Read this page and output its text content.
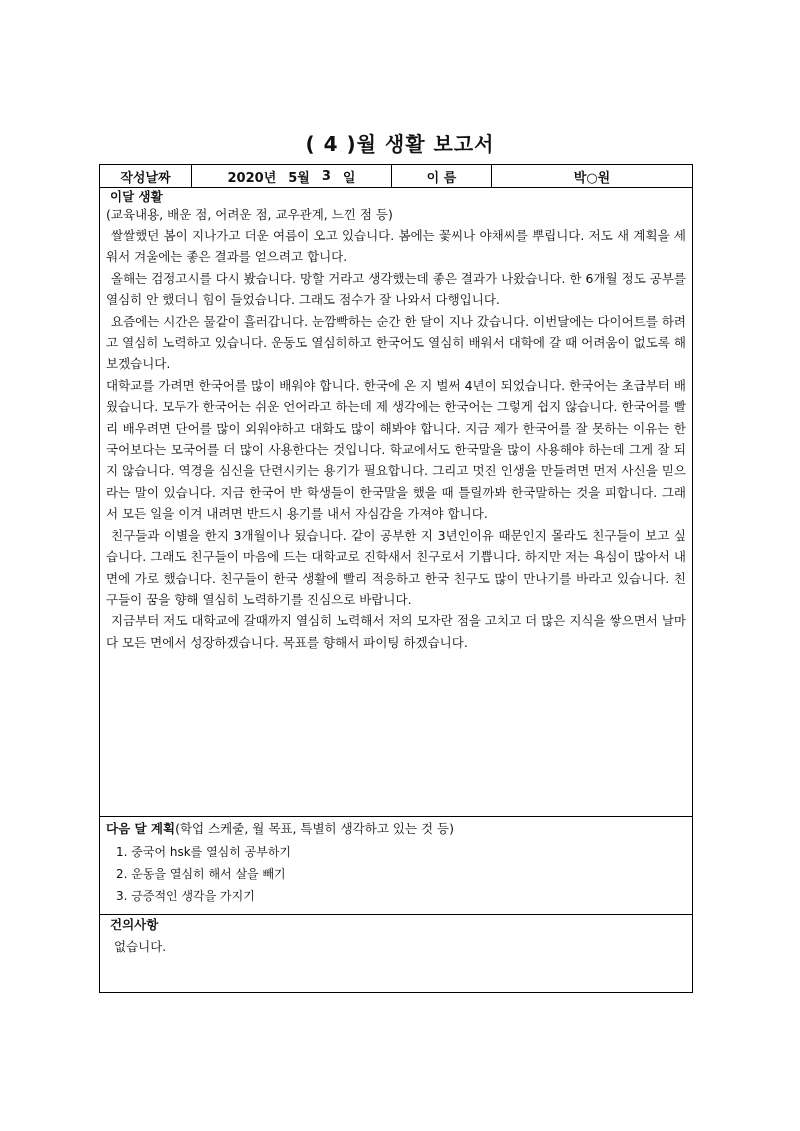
( 4 )월 생활 보고서
작성날짜	2020년 5월 3 일	이 름	박○원
이달 생활
(교육내용, 배운 점, 어려운 점, 교우관계, 느낀 점 등)

쌀쌀했던 봄이 지나가고 더운 여름이 오고 있습니다. 봄에는 꽃씨나 야채씨를 뿌립니다. 저도 새 계획을 세워서 겨울에는 좋은 결과를 얻으려고 합니다.

올해는 검정고시를 다시 봤습니다. 망할 거라고 생각했는데 좋은 결과가 나왔습니다. 한 6개월 정도 공부를 열심히 안 했더니 힘이 들었습니다. 그래도 점수가 잘 나와서 다행입니다.

요즘에는 시간은 물같이 흘러갑니다. 눈깜빡하는 순간 한 달이 지나 갔습니다. 이번달에는 다이어트를 하려고 열심히 노력하고 있습니다. 운동도 열심히하고 한국어도 열심히 배워서 대학에 갈 때 어려움이 없도록 해 보겠습니다.

대학교를 가려면 한국어를 많이 배워야 합니다. 한국에 온 지 벌써 4년이 되었습니다. 한국어는 초급부터 배웠습니다. 모두가 한국어는 쉬운 언어라고 하는데 제 생각에는 한국어는 그렇게 쉽지 않습니다. 한국어를 빨리 배우려면 단어를 많이 외워야하고 대화도 많이 해봐야 합니다. 지금 제가 한국어를 잘 못하는 이유는 한국어보다는 모국어를 더 많이 사용한다는 것입니다. 학교에서도 한국말을 많이 사용해야 하는데 그게 잘 되지 않습니다. 역경을 심신을 단련시키는 용기가 필요합니다. 그리고 멋진 인생을 만들려면 먼저 사신을 믿으라는 말이 있습니다. 지금 한국어 반 학생들이 한국말을 했을 때 틀릴까봐 한국말하는 것을 피합니다. 그래서 모든 일을 이겨 내려면 반드시 용기를 내서 자심감을 가져야 합니다.

친구들과 이별을 한지 3개월이나 됬습니다. 같이 공부한 지 3년인이유 때문인지 몰라도 친구들이 보고 싶습니다. 그래도 친구들이 마음에 드는 대학교로 진학새서 친구로서 기쁩니다. 하지만 저는 욕심이 많아서 내면에 가로 했습니다. 친구들이 한국 생활에 빨리 적응하고 한국 친구도 많이 만나기를 바라고 있습니다. 친구들이 꿈을 향해 열심히 노력하기를 진심으로 바랍니다.

지금부터 저도 대학교에 갈때까지 열심히 노력해서 저의 모자란 점을 고치고 더 많은 지식을 쌓으면서 날마다 모든 면에서 성장하겠습니다. 목표를 향해서 파이팅 하겠습니다.

다음 달 계획(학업 스케줄, 월 목표, 특별히 생각하고 있는 것 등)
1. 중국어 hsk를 열심히 공부하기
2. 운동을 열심히 해서 살을 빼기
3. 긍증적인 생각을 가지기
건의사항
없습니다.
